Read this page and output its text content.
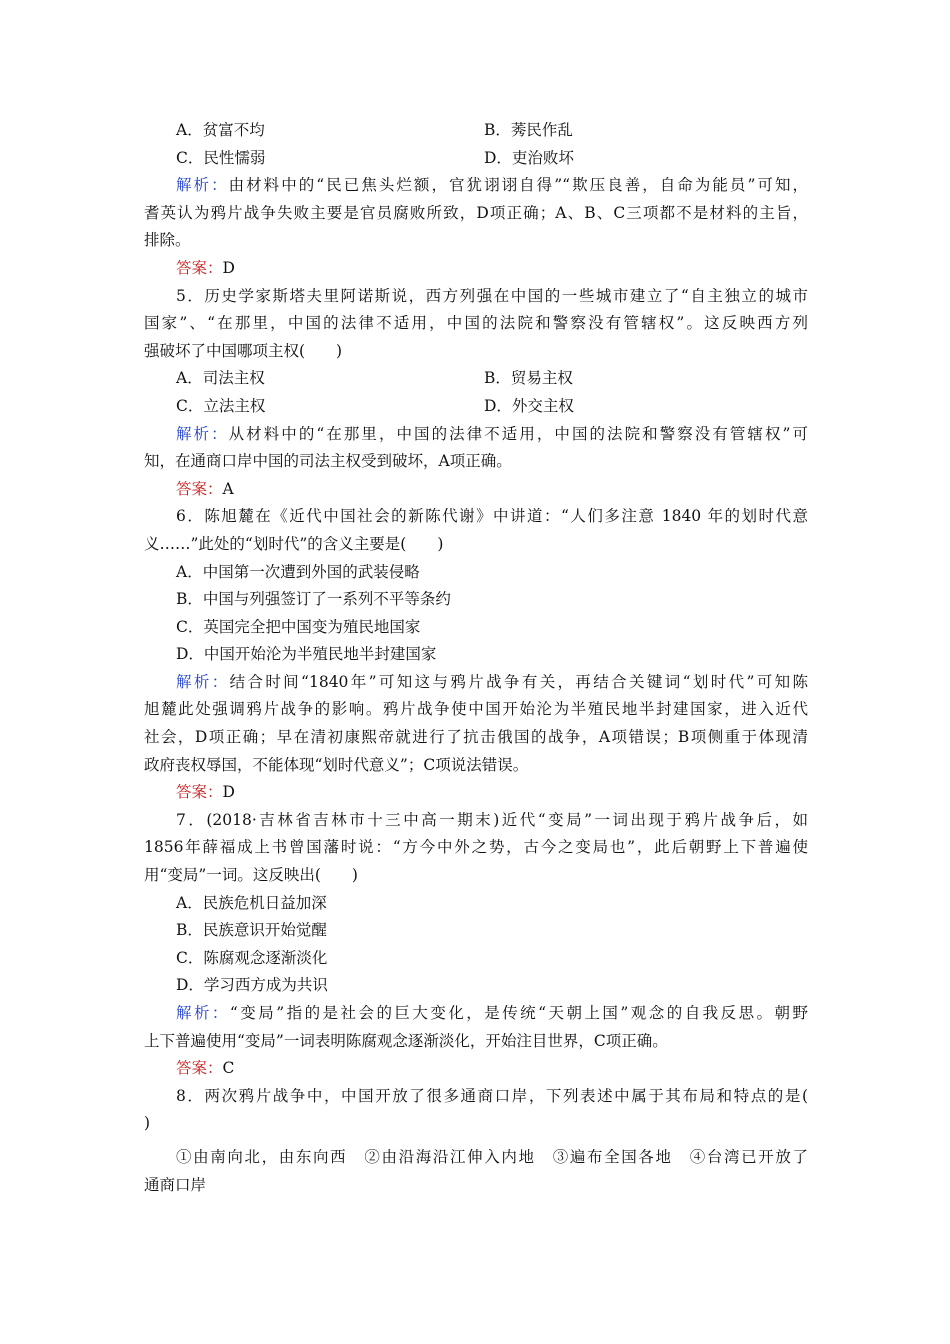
A．贫富不均	B．莠民作乱
C．民性懦弱	D．吏治败坏
解析：由材料中的“民已焦头烂额，官犹诩诩自得”“欺压良善，自命为能员”可知，
耆英认为鸦片战争失败主要是官员腐败所致，D项正确；A、B、C三项都不是材料的主旨，
排除。
答案：D
5．历史学家斯塔夫里阿诺斯说，西方列强在中国的一些城市建立了“自主独立的城市
国家”、“在那里，中国的法律不适用，中国的法院和警察没有管辖权”。这反映西方列
强破坏了中国哪项主权(　　)
A．司法主权	B．贸易主权
C．立法主权	D．外交主权
解析：从材料中的“在那里，中国的法律不适用，中国的法院和警察没有管辖权”可
知，在通商口岸中国的司法主权受到破坏，A项正确。
答案：A
6．陈旭麓在《近代中国社会的新陈代谢》中讲道：“人们多注意 1840 年的划时代意
义……”此处的“划时代”的含义主要是(　　)
A．中国第一次遭到外国的武装侵略
B．中国与列强签订了一系列不平等条约
C．英国完全把中国变为殖民地国家
D．中国开始沦为半殖民地半封建国家
解析：结合时间“1840年”可知这与鸦片战争有关，再结合关键词“划时代”可知陈
旭麓此处强调鸦片战争的影响。鸦片战争使中国开始沦为半殖民地半封建国家，进入近代
社会，D项正确；早在清初康熙帝就进行了抗击俄国的战争，A项错误；B项侧重于体现清
政府丧权辱国，不能体现“划时代意义”；C项说法错误。
答案：D
7．(2018·吉林省吉林市十三中高一期末)近代“变局”一词出现于鸦片战争后，如
1856年薛福成上书曾国藩时说：“方今中外之势，古今之变局也”，此后朝野上下普遍使
用“变局”一词。这反映出(　　)
A．民族危机日益加深
B．民族意识开始觉醒
C．陈腐观念逐渐淡化
D．学习西方成为共识
解析：“变局”指的是社会的巨大变化，是传统“天朝上国”观念的自我反思。朝野
上下普遍使用“变局”一词表明陈腐观念逐渐淡化，开始注目世界，C项正确。
答案：C
8．两次鸦片战争中，中国开放了很多通商口岸，下列表述中属于其布局和特点的是(
)
①由南向北，由东向西　②由沿海沿江伸入内地　③遍布全国各地　④台湾已开放了
通商口岸
